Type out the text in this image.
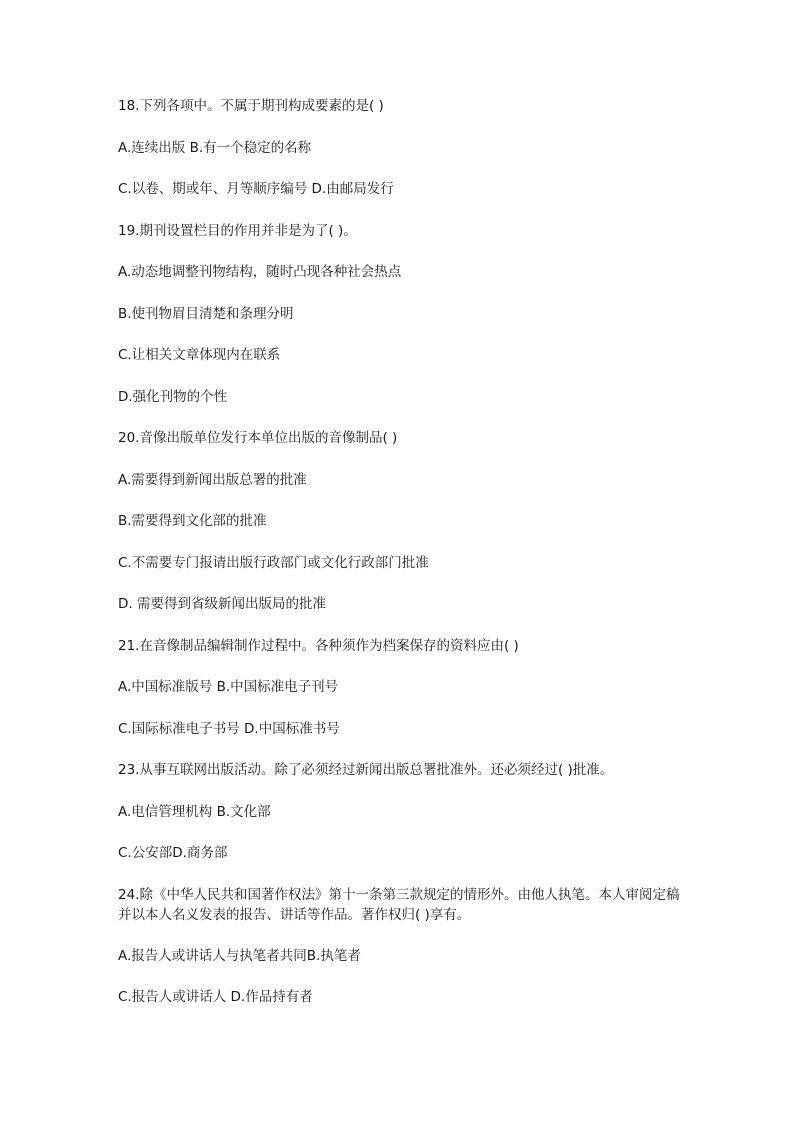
18.下列各项中。不属于期刊构成要素的是( )

A.连续出版 B.有一个稳定的名称

C.以卷、期或年、月等顺序编号 D.由邮局发行

19.期刊设置栏目的作用并非是为了( )。

A.动态地调整刊物结构，随时凸现各种社会热点

B.使刊物眉目清楚和条理分明

C.让相关文章体现内在联系

D.强化刊物的个性

20.音像出版单位发行本单位出版的音像制品( )

A.需要得到新闻出版总署的批准

B.需要得到文化部的批准

C.不需要专门报请出版行政部门或文化行政部门批准

D. 需要得到省级新闻出版局的批准

21.在音像制品编辑制作过程中。各种须作为档案保存的资料应由( )

A.中国标准版号 B.中国标准电子刊号

C.国际标准电子书号 D.中国标准书号

23.从事互联网出版活动。除了必须经过新闻出版总署批准外。还必须经过( )批准。

A.电信管理机构 B.文化部

C.公安部D.商务部

24.除《中华人民共和国著作权法》第十一条第三款规定的情形外。由他人执笔。本人审阅定稿并以本人名义发表的报告、讲话等作品。著作权归( )享有。

A.报告人或讲话人与执笔者共同B.执笔者

C.报告人或讲话人 D.作品持有者
